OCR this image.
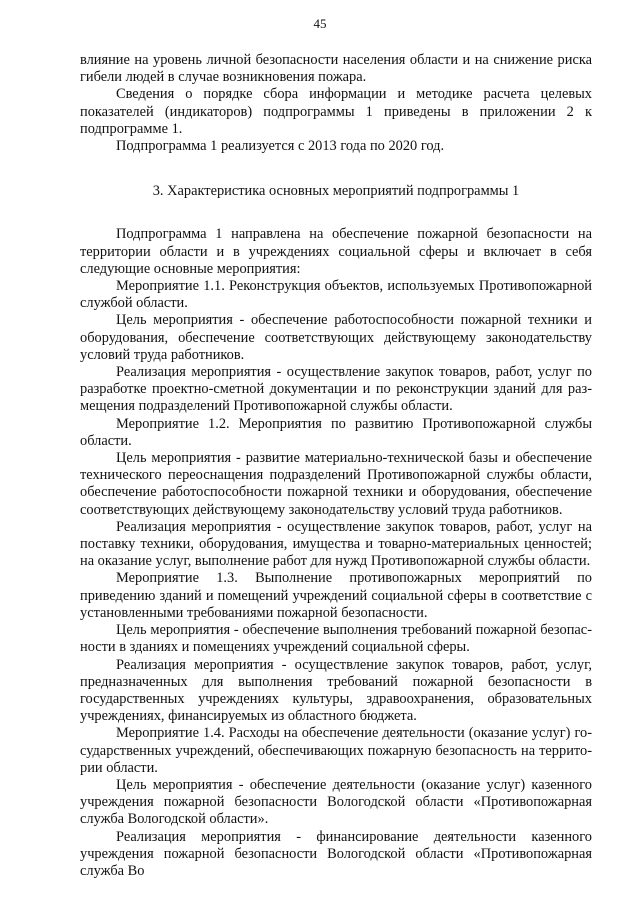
45

влияние на уровень личной безопасности населения области и на снижение риска гибели людей в случае возникновения пожара.

Сведения о порядке сбора информации и методике расчета целевых показателей (индикаторов) подпрограммы 1 приведены в приложении 2 к подпрограмме 1.

Подпрограмма 1 реализуется с 2013 года по 2020 год.

3. Характеристика основных мероприятий подпрограммы 1

Подпрограмма 1 направлена на обеспечение пожарной безопасности на территории области и в учреждениях социальной сферы и включает в себя следующие основные мероприятия:

Мероприятие 1.1. Реконструкция объектов, используемых Противопожарной службой области.

Цель мероприятия - обеспечение работоспособности пожарной техники и оборудования, обеспечение соответствующих действующему законодательству условий труда работников.

Реализация мероприятия - осуществление закупок товаров, работ, услуг по разработке проектно-сметной документации и по реконструкции зданий для размещения подразделений Противопожарной службы области.

Мероприятие 1.2. Мероприятия по развитию Противопожарной службы области.

Цель мероприятия - развитие материально-технической базы и обеспечение технического переоснащения подразделений Противопожарной службы области, обеспечение работоспособности пожарной техники и оборудования, обеспечение соответствующих действующему законодательству условий труда работников.

Реализация мероприятия - осуществление закупок товаров, работ, услуг на поставку техники, оборудования, имущества и товарно-материальных ценностей; на оказание услуг, выполнение работ для нужд Противопожарной службы области.

Мероприятие 1.3. Выполнение противопожарных мероприятий по приведению зданий и помещений учреждений социальной сферы в соответствие с установленными требованиями пожарной безопасности.

Цель мероприятия - обеспечение выполнения требований пожарной безопасности в зданиях и помещениях учреждений социальной сферы.

Реализация мероприятия - осуществление закупок товаров, работ, услуг, предназначенных для выполнения требований пожарной безопасности в государственных учреждениях культуры, здравоохранения, образовательных учреждениях, финансируемых из областного бюджета.

Мероприятие 1.4. Расходы на обеспечение деятельности (оказание услуг) государственных учреждений, обеспечивающих пожарную безопасность на территории области.

Цель мероприятия - обеспечение деятельности (оказание услуг) казенного учреждения пожарной безопасности Вологодской области «Противопожарная служба Вологодской области».

Реализация мероприятия - финансирование деятельности казенного учреждения пожарной безопасности Вологодской области «Противопожарная служба Во
